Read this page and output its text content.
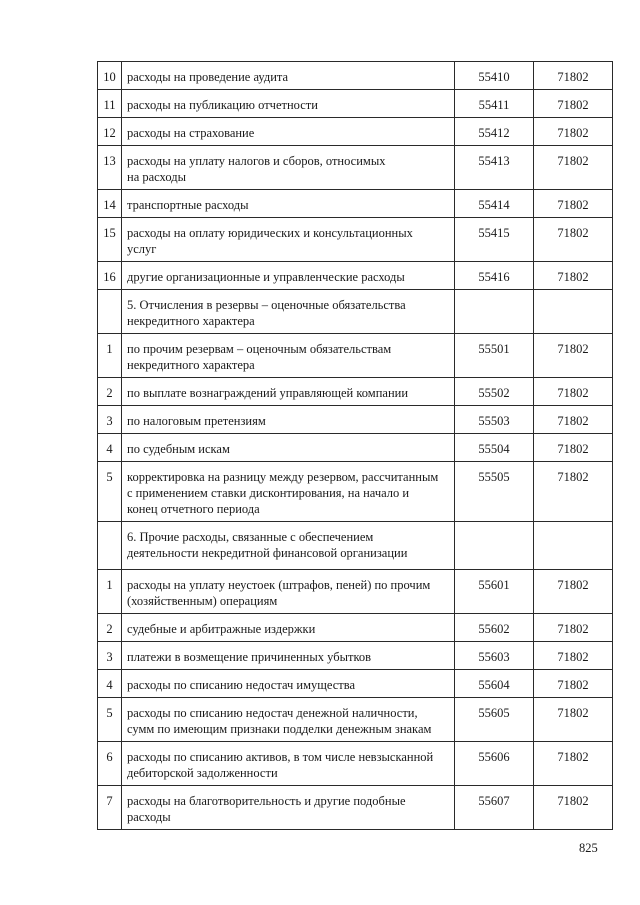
10	расходы на проведение аудита	55410	71802
11	расходы на публикацию отчетности	55411	71802
12	расходы на страхование	55412	71802
13	расходы на уплату налогов и сборов, относимых
на расходы	55413	71802
14	транспортные расходы	55414	71802
15	расходы на оплату юридических и консультационных
услуг	55415	71802
16	другие организационные и управленческие расходы	55416	71802
	5. Отчисления в резервы – оценочные обязательства
некредитного характера		
1	по прочим резервам – оценочным обязательствам
некредитного характера	55501	71802
2	по выплате вознаграждений управляющей компании	55502	71802
3	по налоговым претензиям	55503	71802
4	по судебным искам	55504	71802
5	корректировка на разницу между резервом, рассчитанным
с применением ставки дисконтирования, на начало и
конец отчетного периода	55505	71802
	6. Прочие расходы, связанные с обеспечением
деятельности некредитной финансовой организации		
1	расходы на уплату неустоек (штрафов, пеней) по прочим
(хозяйственным) операциям	55601	71802
2	судебные и арбитражные издержки	55602	71802
3	платежи в возмещение причиненных убытков	55603	71802
4	расходы по списанию недостач имущества	55604	71802
5	расходы по списанию недостач денежной наличности,
сумм по имеющим признаки подделки денежным знакам	55605	71802
6	расходы по списанию активов, в том числе невзысканной
дебиторской задолженности	55606	71802
7	расходы на благотворительность и другие подобные
расходы	55607	71802
825
